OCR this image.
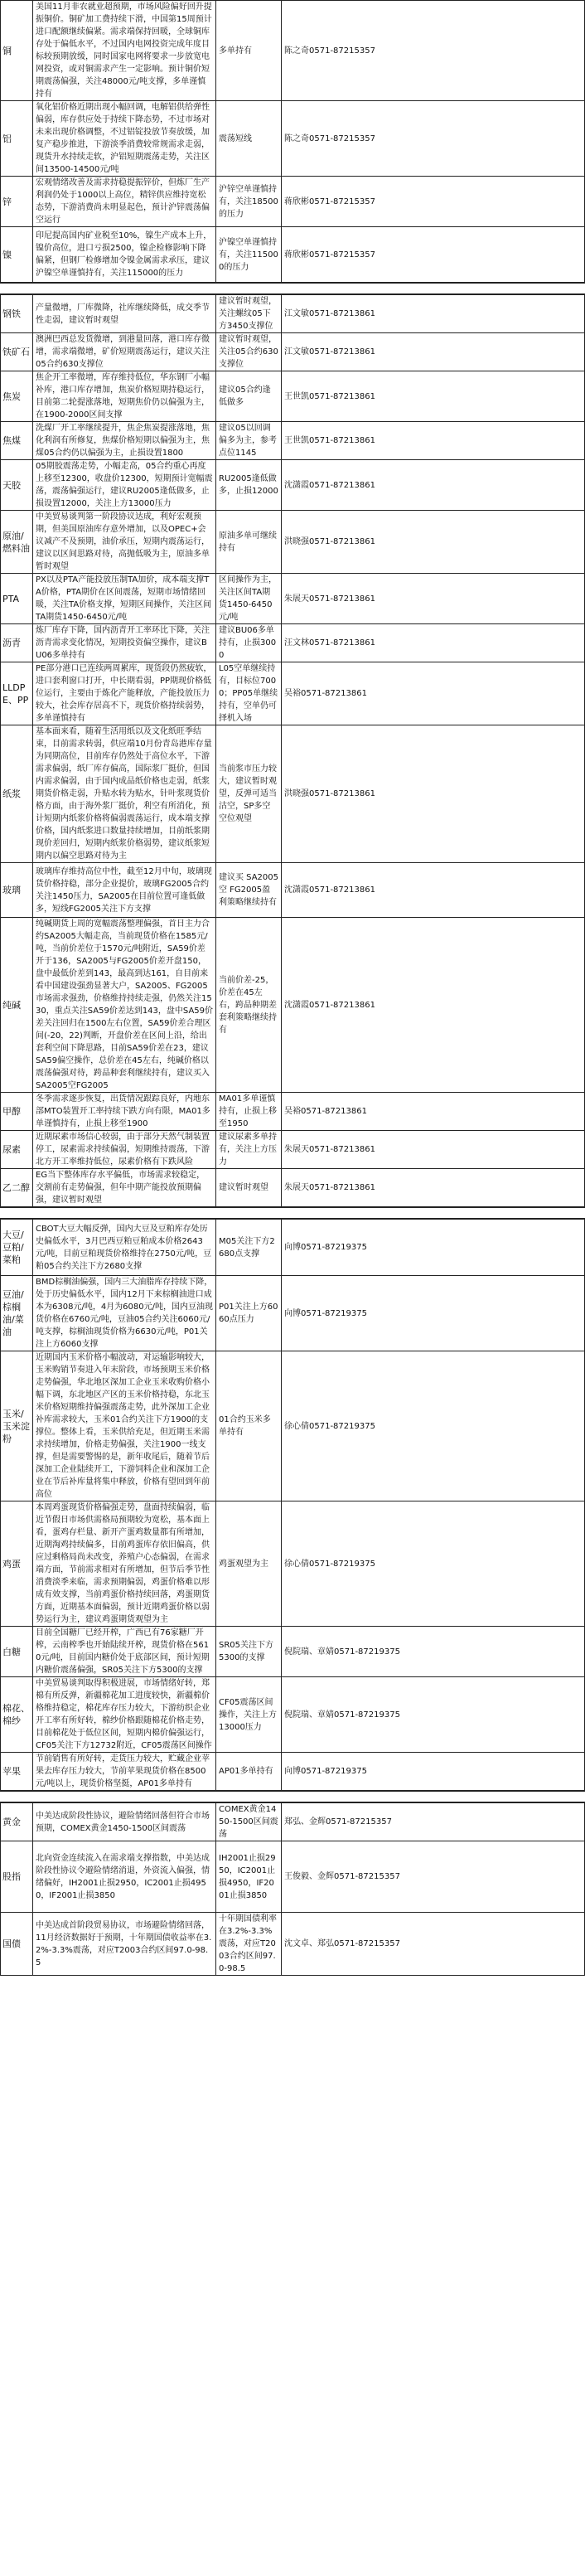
铜	美国11月非农就业超预期，市场风险偏好回升提振铜价。铜矿加工费持续下滑，中国第15周预计进口配额继续偏紧。需求端保持回暖，全球铜库存处于偏低水平，不过国内电网投资完成年度目标较预期放缓，同时国家电网将要求一步放宽电网投资，或对铜需求产生一定影响。预计铜价短期震荡偏强，关注48000元/吨支撑，多单谨慎持有	多单持有	陈之奇0571-87215357
铝	氧化铝价格近期出现小幅回调，电解铝供给弹性偏弱，库存供应处于持续下降态势，不过市场对未来出现价格调整，不过铝锭投放节奏放缓，加复产稳步推进，下游淡季消费较常规需求走弱，现货升水持续走软，沪铝短期震荡走势，关注区间13500-14500元/吨	震荡短线	陈之奇0571-87215357
锌	宏观情绪改善及需求持稳提振锌价，但炼厂生产利润仍处于1000以上高位，精锌供应维持宽松态势，下游消费尚未明显起色，预计沪锌震荡偏空运行	沪锌空单谨慎持有，关注18500的压力	蒋欣彬0571-87215357
镍	印尼提高国内矿业税至10%，镍生产成本上升，镍价高位，进口亏损2500，镍企检修影响下降偏紧，但钢厂检修增加令镍金属需求承压，建议沪镍空单谨慎持有，关注115000的压力	沪镍空单谨慎持有，关注115000的压力	蒋欣彬0571-87215357
钢铁	产量微增，厂库微降，社库继续降低，成交季节性走弱，建议暂时观望	建议暂时观望，关注螺纹05下方3450支撑位	江文敏0571-87213861
铁矿石	澳洲巴西总发货微增，到港量回落，港口库存微增，需求端微增，矿价短期震荡运行，建议关注05合约630支撑位	建议暂时观望，关注05合约630支撑位	江文敏0571-87213861
焦炭	焦企开工率微增，库存维持低位，华东钢厂小幅补库，港口库存增加，焦炭价格短期持稳运行，目前第二轮提涨落地，短期焦价仍以偏强为主，在1900-2000区间支撑	建议05合约逢低做多	王世凯0571-87213861
焦煤	洗煤厂开工率继续提升，焦企焦炭提涨落地，焦化利润有所修复，焦煤价格短期以偏强为主，焦煤05合约仍以偏强为主，止损设置1800	建议05以回调偏多为主，参考点位1145	王世凯0571-87213861
天胶	05期胶震荡走势，小幅走高，05合约重心再度上移至12300，收盘价12300，短期预计宽幅震荡，震荡偏强运行，建议RU2005逢低做多，止损设置12000，关注上方13000压力	RU2005逢低做多，止损12000	沈潇霞0571-87213861
原油/燃料油	中美贸易谈判第一阶段协议达成，利好宏观预期，但美国原油库存意外增加，以及OPEC+会议减产不及预期，油价承压，短期内震荡运行，建议以区间思路对待，高抛低吸为主，原油多单暂时观望	原油多单可继续持有	洪晓强0571-87213861
PTA	PX以及PTA产能投放压制TA加价，成本端支撑TA价格，PTA期价在区间震荡，短期市场情绪回暖，关注TA价格支撑，短期区间操作，关注区间TA期货1450-6450元/吨	区间操作为主，关注区间TA期货1450-6450元/吨	朱展天0571-87213861
沥青	炼厂库存下降，国内沥青开工率环比下降，关注沥青需求变化情况，短期投资偏空操作，建议BU06多单持有	建议BU06多单持有，止损3000	汪文林0571-87213861
LLDPE、PP	PE部分港口已连续两周累库，现货段仍然疲软，进口套利窗口打开，中长期看弱，PP期现价格低位运行，主要由于炼化产能释放，产能投放压力较大，社会库存居高不下，现货价格持续弱势，多单谨慎持有	L05空单继续持有，目标位7000；PP05单继续持有，空单仍可择机入场	吴裕0571-87213861
纸浆	基本面来看，随着生活用纸以及文化纸旺季结束，目前需求转弱，供应端10月份青岛港库存量为同期高位，目前库存仍然处于高位水平，下游需求偏弱，纸厂库存偏高，国际浆厂挺价，但国内需求偏弱，由于国内成品纸价格也走弱，纸浆期货价格走弱，升贴水转为贴水，针叶浆现货价格方面，由于海外浆厂挺价，利空有所消化，预计短期内纸浆价格将偏弱震荡运行，成本端支撑价格，国内纸浆进口数量持续增加，目前纸浆期现价差回归，短期内纸浆价格弱势，建议纸浆短期内以偏空思路对待为主	当前浆市压力较大，建议暂时观望，反弹可适当沽空，SP多空空位观望	洪晓强0571-87213861
玻璃	玻璃库存维持高位中性，截至12月中旬，玻璃现货价格持稳，部分企业提价，玻璃FG2005合约关注1450压力，SA2005在目前位置可逢低做多，短线FG2005关注下方支撑	建议买 SA2005 空 FG2005盈利策略继续持有	沈潇霞0571-87213861
纯碱	纯碱期货上周的宽幅震荡整理偏强，首日主力合约SA2005大幅走高，当前现货价格在1585元/吨，当前价差位于1570元/吨附近，SA59价差开于136，SA2005与FG2005价差开盘150，盘中最低价差到143，最高到达161，自目前来看中国建设强劲显著大户，SA2005、FG2005市场需求强劲，价格维持持续走强，仍然关注1530，重点关注SA59价差达到143，盘中SA59价差关注回归在1500左右位置，SA59价差合理区间(-20，22)判断，开盘价差在区间上沿，给出套利空间下降思路，目前SA59价差在23，建议SA59偏空操作，总价差在45左右，纯碱价格以震荡偏强对待，跨品种套利继续持有，建议买入SA2005空FG2005	当前价差-25，价差在45左右，跨品种期差套利策略继续持有	沈潇霞0571-87213861
甲醇	冬季需求逐步恢复，出货情况跟踪良好，内地东部MTO装置开工率持续下跌方向有限，MA01多单谨慎持有，止损上移至1900	MA01多单谨慎持有，止损上移至1950	吴裕0571-87213861
尿素	近期尿素市场信心较弱，由于部分天然气制装置停工，尿素需求持续偏弱，短期维持震荡，下游北方开工率维持低位，尿素价格有下跌风险	建议尿素多单持有，关注上方压力	朱展天0571-87213861
乙二醇	EG当下整体库存水平偏低，市场需求较稳定，交割前有走势偏强，但年中期产能投放预期偏强，建议暂时观望	建议暂时观望	朱展天0571-87213861
大豆/豆粕/菜粕	CBOT大豆大幅反弹，国内大豆及豆粕库存处历史偏低水平，3月巴西豆粕豆粕成本价格2643元/吨，目前豆粕现货价格维持在2750元/吨，豆粕05合约关注下方2680支撑	M05关注下方2680点支撑	向博0571-87219375
豆油/棕榈油/菜油	BMD棕榈油偏强，国内三大油脂库存持续下降，处于历史偏低水平，国内12月下来棕榈油进口成本为6308元/吨，4月为6080元/吨，国内豆油现货价格在6760元/吨，豆油05合约关注6060元/吨支撑，棕榈油现货价格为6630元/吨，P01关注上方6060支撑	P01关注上方6060点压力	向博0571-87219375
玉米/玉米淀粉	近期国内玉米价格小幅波动，对运输影响较大，玉米购销节奏进入年末阶段，市场预期玉米价格走势偏强，华北地区深加工企业玉米收购价格小幅下调，东北地区产区的玉米价格持稳，东北玉米价格短期维持偏强震荡走势，此外深加工企业补库需求较大，玉米01合约关注下方1900的支撑位。整体上看，玉米供给充足，但近期玉米需求持续增加，价格走势偏强，关注1900一线支撑，但是需要警惕的是，新年收尾后，随着节后深加工企业陆续开工，下游饲料企业和深加工企业在节后补库量将集中释放，价格有望回到年前高位	01合约玉米多单持有	徐心倩0571-87219375
鸡蛋	本周鸡蛋现货价格偏强走势，盘面持续偏弱，临近节假日市场供需格局预期较为宽松，基本面上看，蛋鸡存栏量、新开产蛋鸡数量都有所增加，近期淘鸡持续偏多，目前鸡蛋库存依旧偏高，供应过剩格局尚未改变，养殖户心态偏弱，在需求端方面，节前需求相对有所增加，但节后季节性消费淡季来临，需求预期偏弱，鸡蛋价格难以形成有效支撑，当前鸡蛋价格持续回落，鸡蛋期货方面，近期基本面偏弱，预计近期鸡蛋价格以弱势运行为主，建议鸡蛋期货观望为主	鸡蛋观望为主	徐心倩0571-87219375
白糖	目前全国糖厂已经开榨，广西已有76家糖厂开榨，云南榨季也开始陆续开榨，现货价格在5610元/吨，目前国内糖价处于底部区间，预计短期内糖价震荡偏强，SR05关注下方5300的支撑	SR05关注下方5300的支撑	倪院瑞、章婧0571-87219375
棉花、棉纱	中美贸易谈判取得积极进展，市场情绪好转，郑棉有所反弹，新疆棉花加工进度较快，新疆棉价格维持稳定，棉花库存压力较大，下游纺织企业开工率有所好转，棉纱价格跟随棉花价格走势，目前棉花处于低位区间，短期内棉价偏强运行，CF05关注下方12732附近，CF05震荡区间操作	CF05震荡区间操作，关注上方13000压力	倪院瑞、章婧0571-87219375
苹果	节前销售有所好转，走货压力较大，贮藏企业苹果去库存压力较大，节前苹果现货价格在8500元/吨以上，现货价格坚挺，AP01多单持有	AP01多单持有	向博0571-87219375
黄金	中美达成阶段性协议，避险情绪回落但符合市场预期，COMEX黄金1450-1500区间震荡	COMEX黄金1450-1500区间震荡	郑弘、金辉0571-87215357
股指	北向资金连续流入在需求端支撑指数，中美达成阶段性协议令避险情绪消退，外资流入偏强，情绪偏好，IH2001止损2950，IC2001止损4950，IF2001止损3850	IH2001止损2950，IC2001止损4950，IF2001止损3850	王俊毅、金辉0571-87215357
国债	中美达成首阶段贸易协议，市场避险情绪回落，11月经济数据好于预期，十年期国债收益率在3.2%-3.3%震荡，对应T2003合约区间97.0-98.5	十年期国债利率在3.2%-3.3%震荡，对应T2003合约区间97.0-98.5	沈文卓、郑弘0571-87215357
